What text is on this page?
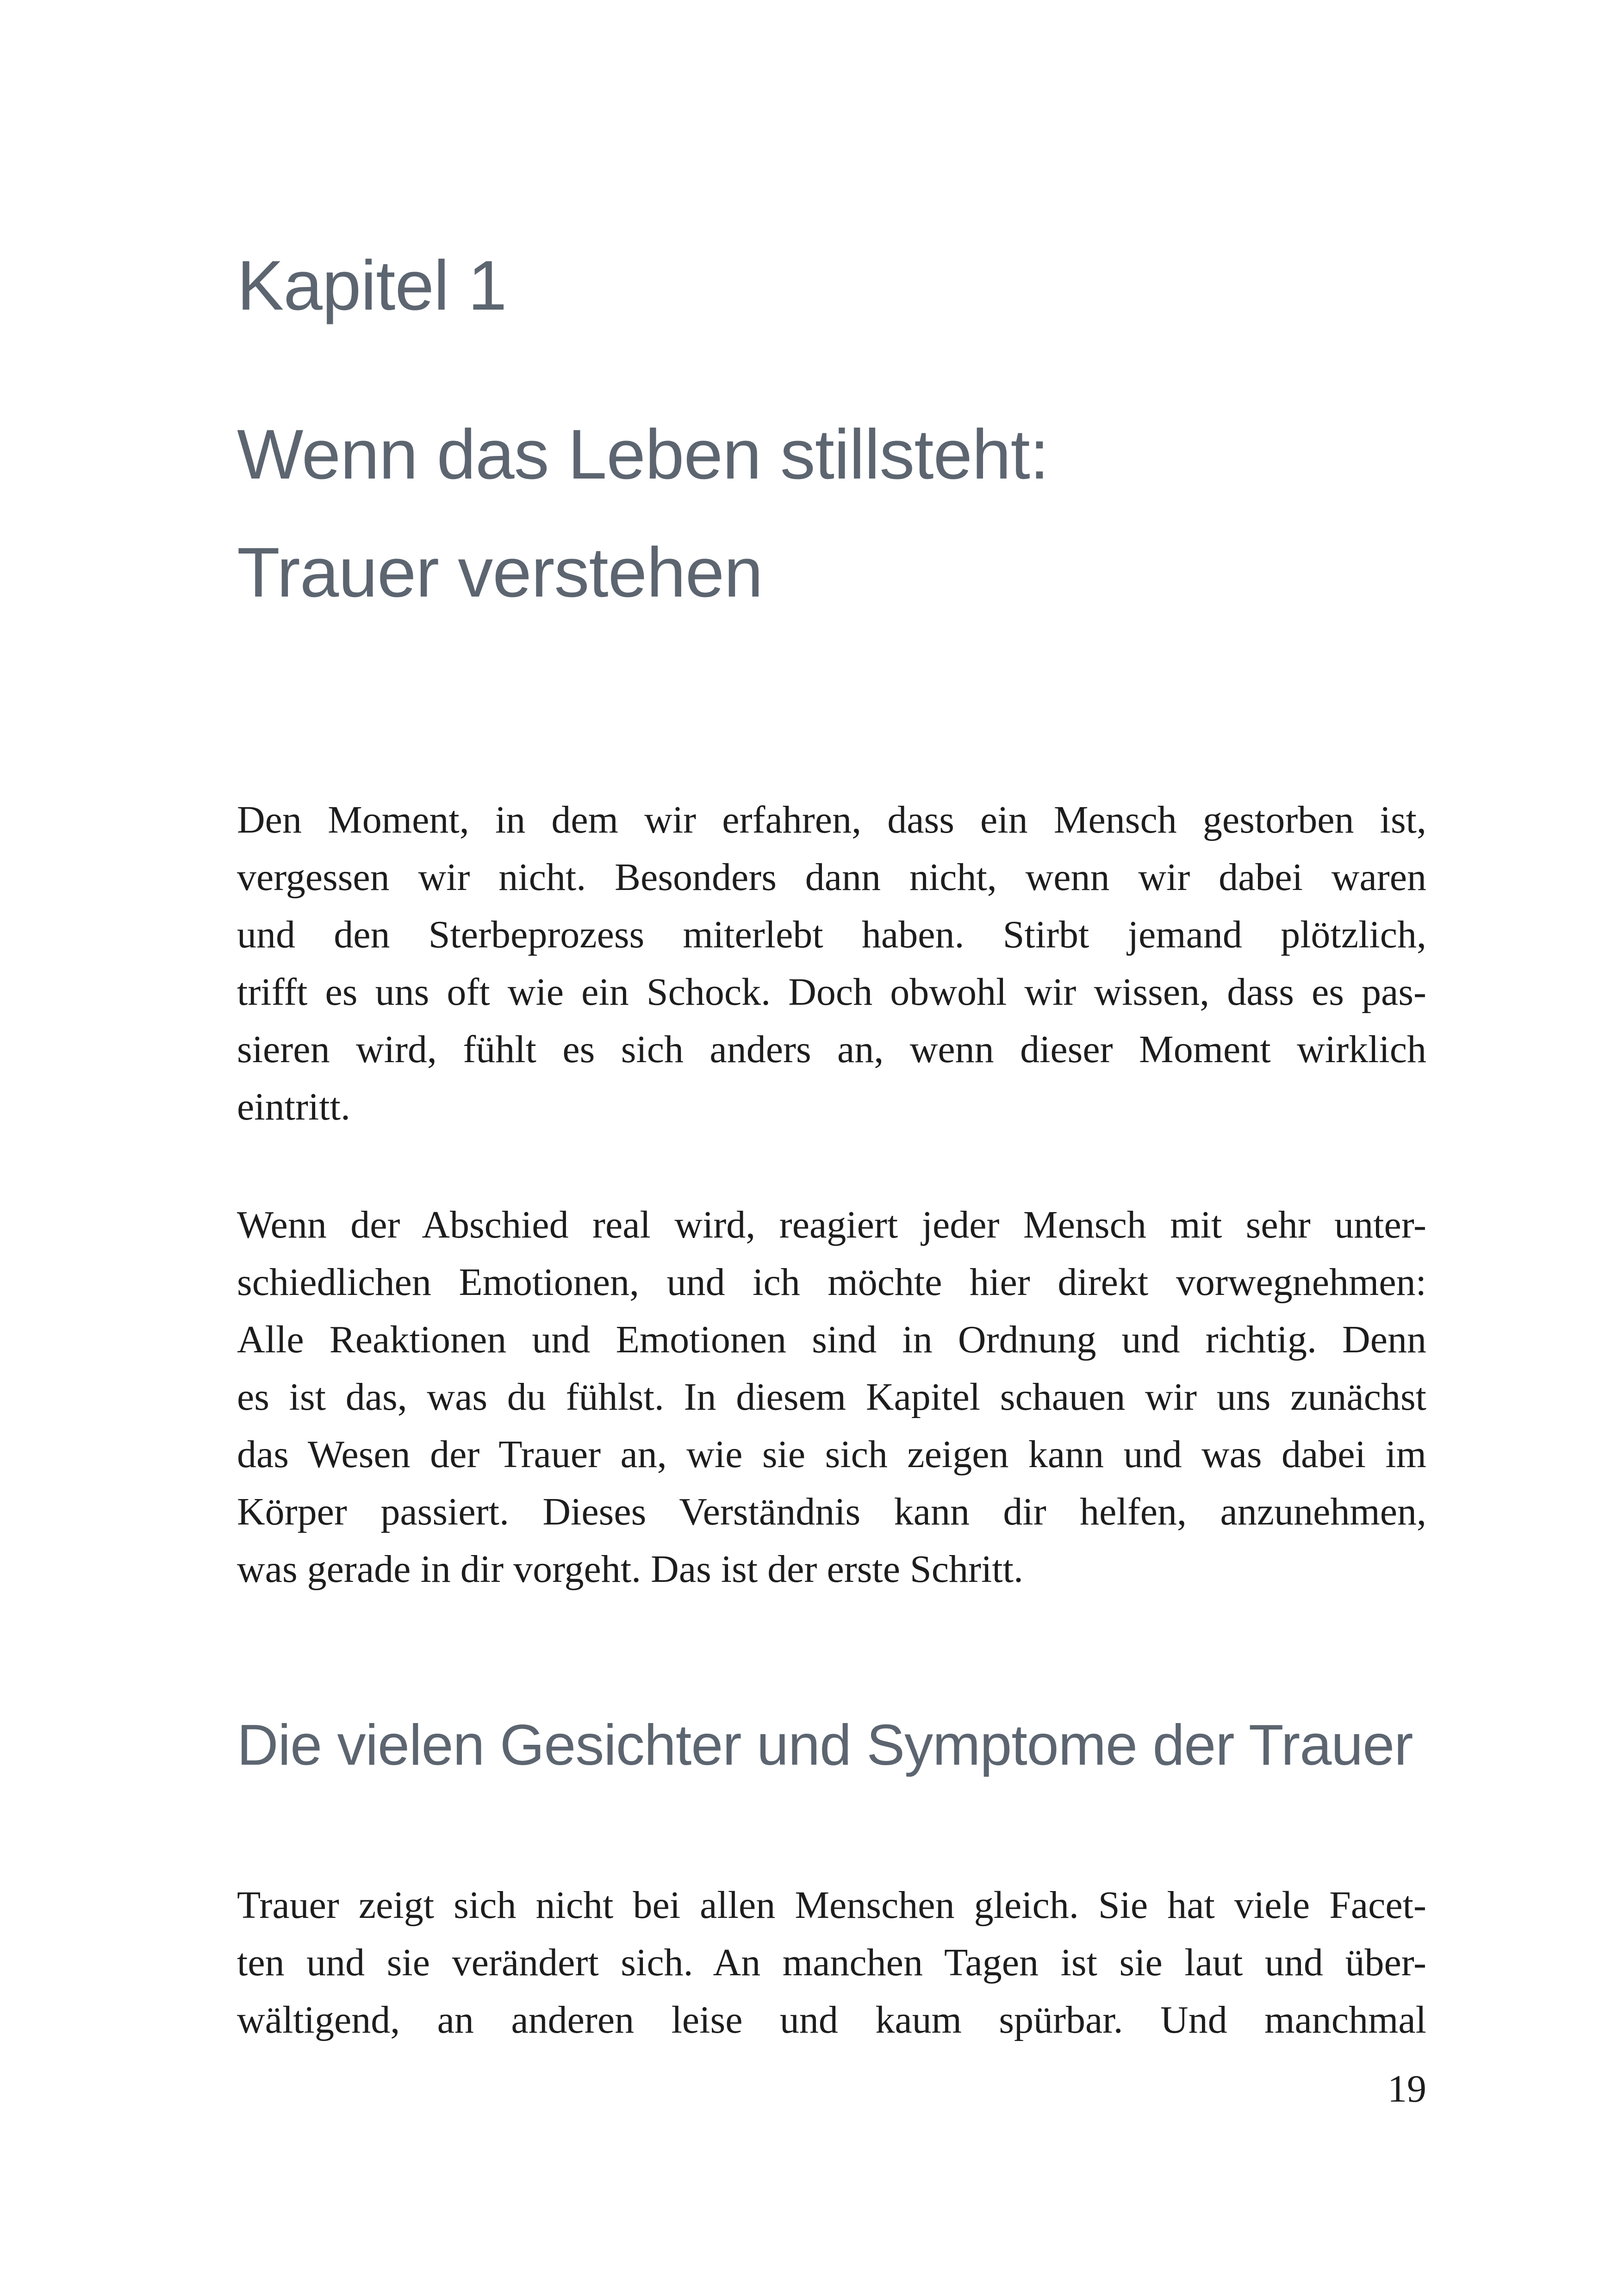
Kapitel 1
Wenn das Leben stillsteht:
Trauer verstehen
Den Moment, in dem wir erfahren, dass ein Mensch gestorben ist,
vergessen wir nicht. Besonders dann nicht, wenn wir dabei waren
und den Sterbeprozess miterlebt haben. Stirbt jemand plötzlich,
trifft es uns oft wie ein Schock. Doch obwohl wir wissen, dass es pas-
sieren wird, fühlt es sich anders an, wenn dieser Moment wirklich
eintritt.
Wenn der Abschied real wird, reagiert jeder Mensch mit sehr unter-
schiedlichen Emotionen, und ich möchte hier direkt vorwegnehmen:
Alle Reaktionen und Emotionen sind in Ordnung und richtig. Denn
es ist das, was du fühlst. In diesem Kapitel schauen wir uns zunächst
das Wesen der Trauer an, wie sie sich zeigen kann und was dabei im
Körper passiert. Dieses Verständnis kann dir helfen, anzunehmen,
was gerade in dir vorgeht. Das ist der erste Schritt.
Die vielen Gesichter und Symptome der Trauer
Trauer zeigt sich nicht bei allen Menschen gleich. Sie hat viele Facet-
ten und sie verändert sich. An manchen Tagen ist sie laut und über-
wältigend, an anderen leise und kaum spürbar. Und manchmal

19
